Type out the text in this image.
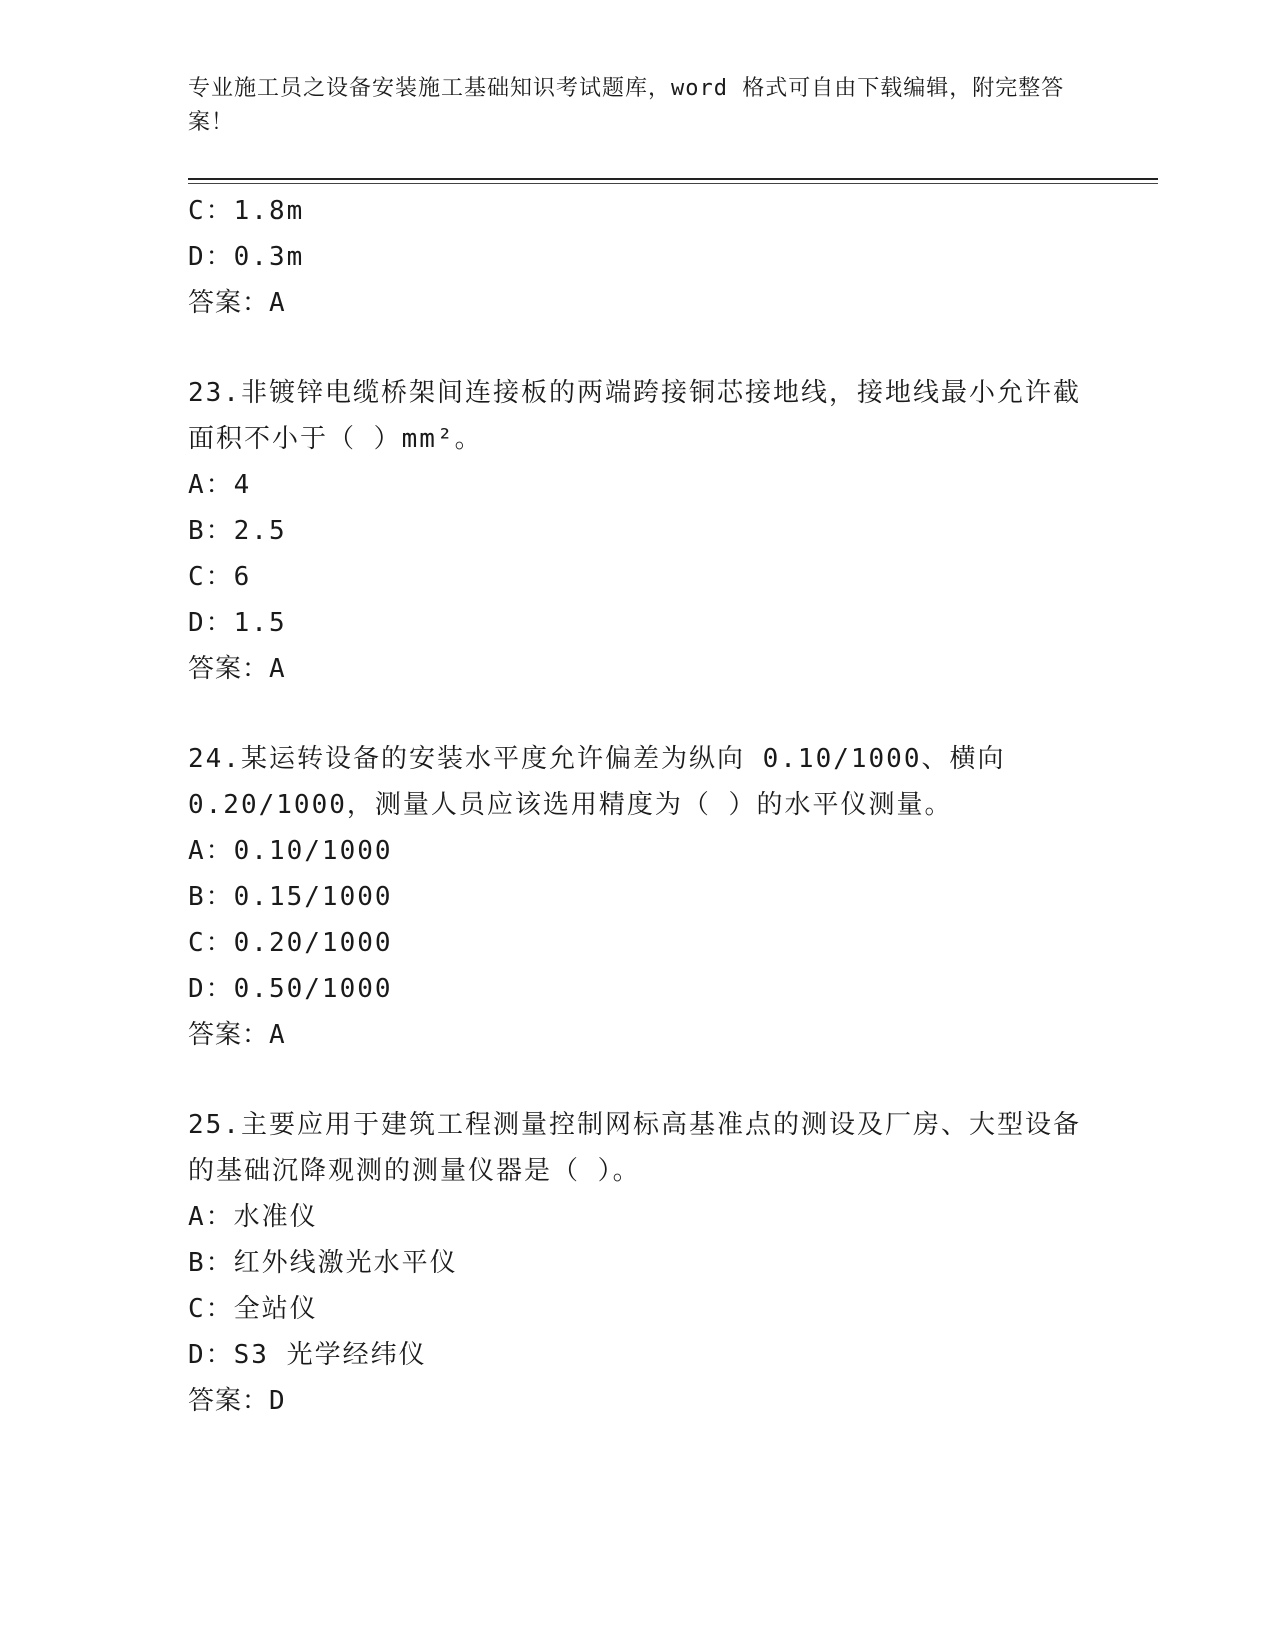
专业施工员之设备安装施工基础知识考试题库，word 格式可自由下载编辑，附完整答案！
C：1.8m
D：0.3m
答案：A
23.非镀锌电缆桥架间连接板的两端跨接铜芯接地线，接地线最小允许截面积不小于（ ）mm²。
A：4
B：2.5
C：6
D：1.5
答案：A
24.某运转设备的安装水平度允许偏差为纵向 0.10/1000、横向0.20/1000，测量人员应该选用精度为（ ）的水平仪测量。
A：0.10/1000
B：0.15/1000
C：0.20/1000
D：0.50/1000
答案：A
25.主要应用于建筑工程测量控制网标高基准点的测设及厂房、大型设备的基础沉降观测的测量仪器是（ ）。
A：水准仪
B：红外线激光水平仪
C：全站仪
D：S3 光学经纬仪
答案：D
